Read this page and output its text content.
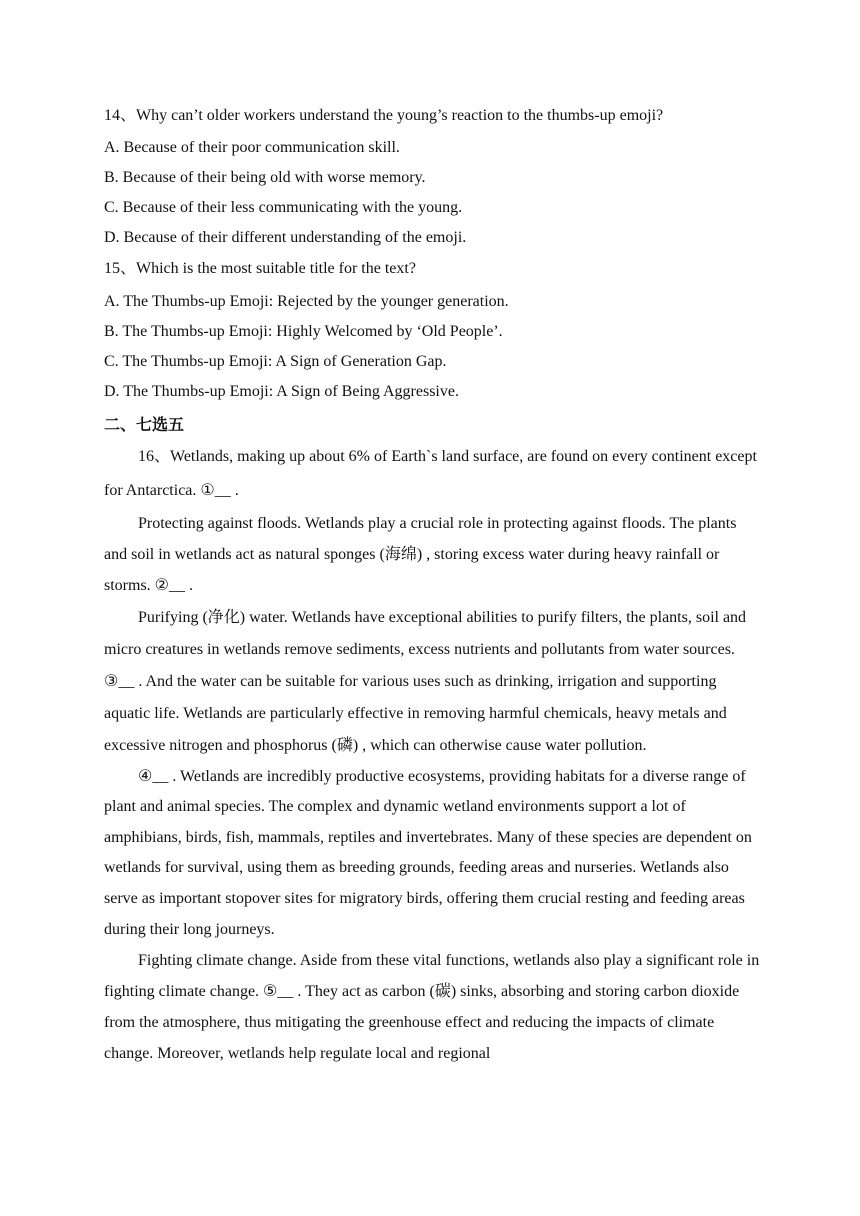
14、Why can’t older workers understand the young’s reaction to the thumbs-up emoji?
A. Because of their poor communication skill.
B. Because of their being old with worse memory.
C. Because of their less communicating with the young.
D. Because of their different understanding of the emoji.
15、Which is the most suitable title for the text?
A. The Thumbs-up Emoji: Rejected by the younger generation.
B. The Thumbs-up Emoji: Highly Welcomed by ‘Old People’.
C. The Thumbs-up Emoji: A Sign of Generation Gap.
D. The Thumbs-up Emoji: A Sign of Being Aggressive.
二、七选五

16、Wetlands, making up about 6% of Earth`s land surface, are found on every continent except for Antarctica. ①__ .

Protecting against floods. Wetlands play a crucial role in protecting against floods. The plants and soil in wetlands act as natural sponges (海绵) , storing excess water during heavy rainfall or storms. ②__ .

Purifying (净化) water. Wetlands have exceptional abilities to purify filters, the plants, soil and micro creatures in wetlands remove sediments, excess nutrients and pollutants from water sources. ③__ . And the water can be suitable for various uses such as drinking, irrigation and supporting aquatic life. Wetlands are particularly effective in removing harmful chemicals, heavy metals and excessive nitrogen and phosphorus (磷) , which can otherwise cause water pollution.

④__ . Wetlands are incredibly productive ecosystems, providing habitats for a diverse range of plant and animal species. The complex and dynamic wetland environments support a lot of amphibians, birds, fish, mammals, reptiles and invertebrates. Many of these species are dependent on wetlands for survival, using them as breeding grounds, feeding areas and nurseries. Wetlands also serve as important stopover sites for migratory birds, offering them crucial resting and feeding areas during their long journeys.

Fighting climate change. Aside from these vital functions, wetlands also play a significant role in fighting climate change. ⑤__ . They act as carbon (碳) sinks, absorbing and storing carbon dioxide from the atmosphere, thus mitigating the greenhouse effect and reducing the impacts of climate change. Moreover, wetlands help regulate local and regional
